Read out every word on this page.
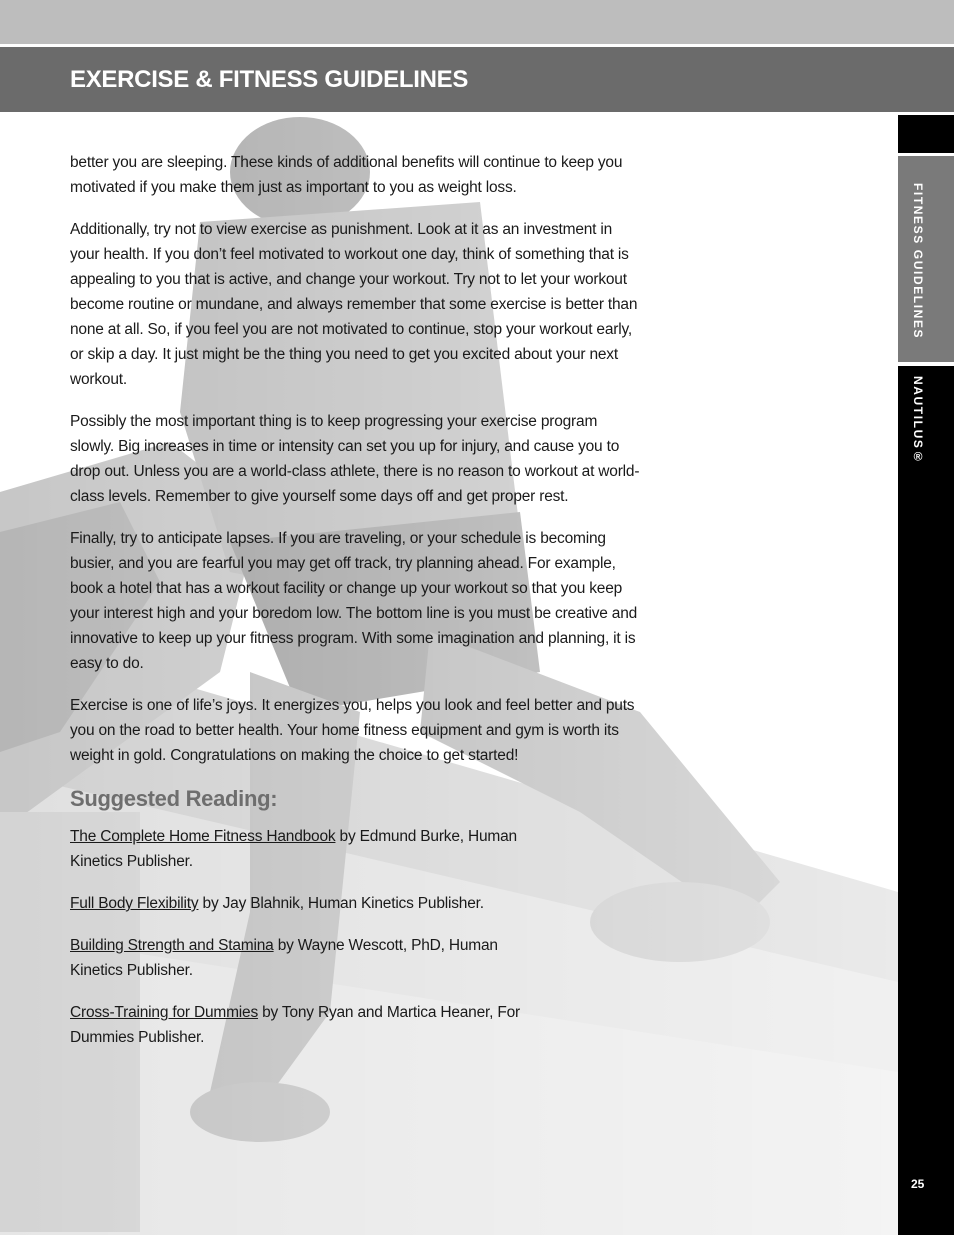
EXERCISE & FITNESS GUIDELINES

better you are sleeping. These kinds of additional benefits will continue to keep you motivated if you make them just as important to you as weight loss.

Additionally, try not to view exercise as punishment. Look at it as an investment in your health. If you don’t feel motivated to workout one day, think of something that is appealing to you that is active, and change your workout. Try not to let your workout become routine or mundane, and always remember that some exercise is better than none at all. So, if you feel you are not motivated to continue, stop your workout early, or skip a day. It just might be the thing you need to get you excited about your next workout.

Possibly the most important thing is to keep progressing your exercise program slowly. Big increases in time or intensity can set you up for injury, and cause you to drop out. Unless you are a world-class athlete, there is no reason to workout at world-class levels. Remember to give yourself some days off and get proper rest.

Finally, try to anticipate lapses. If you are traveling, or your schedule is becoming busier, and you are fearful you may get off track, try planning ahead. For example, book a hotel that has a workout facility or change up your workout so that you keep your interest high and your boredom low. The bottom line is you must be creative and innovative to keep up your fitness program. With some imagination and planning, it is easy to do.

Exercise is one of life’s joys. It energizes you, helps you look and feel better and puts you on the road to better health. Your home fitness equipment and gym is worth its weight in gold. Congratulations on making the choice to get started!

Suggested Reading:

The Complete Home Fitness Handbook by Edmund Burke, Human Kinetics Publisher.

Full Body Flexibility by Jay Blahnik, Human Kinetics Publisher.

Building Strength and Stamina by Wayne Wescott, PhD, Human Kinetics Publisher.

Cross-Training for Dummies by Tony Ryan and Martica Heaner, For Dummies Publisher.

FITNESS GUIDELINES
NAUTILUS®
25
